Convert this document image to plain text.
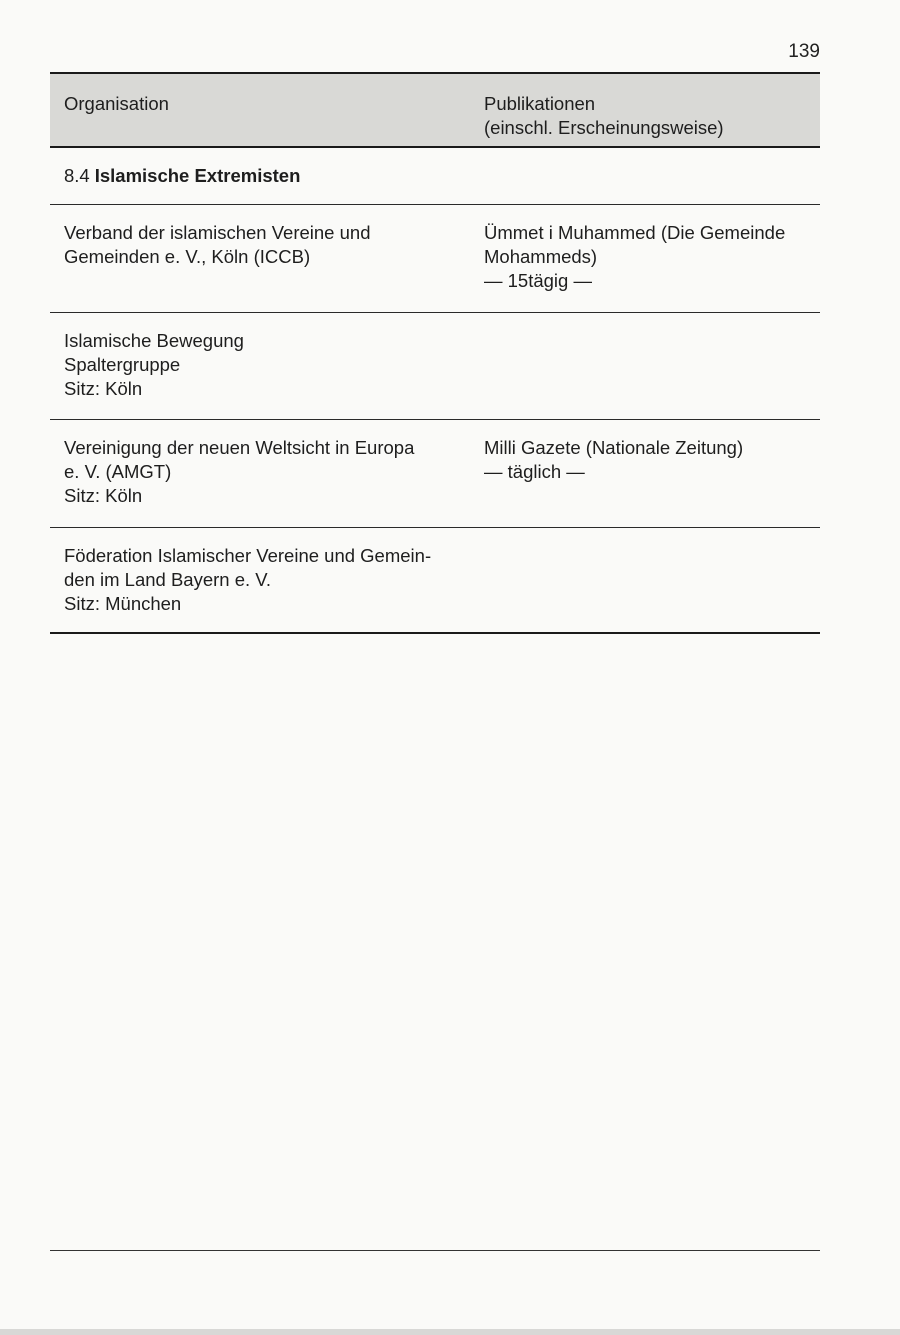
139
Organisation	Publikationen
(einschl. Erscheinungsweise)
8.4 Islamische Extremisten
Verband der islamischen Vereine und
Gemeinden e. V., Köln (ICCB)
Ümmet i Muhammed (Die Gemeinde
Mohammeds)
— 15tägig —
Islamische Bewegung
Spaltergruppe
Sitz: Köln
Vereinigung der neuen Weltsicht in Europa
e. V. (AMGT)
Sitz: Köln
Milli Gazete (Nationale Zeitung)
— täglich —
Föderation Islamischer Vereine und Gemein-
den im Land Bayern e. V.
Sitz: München
